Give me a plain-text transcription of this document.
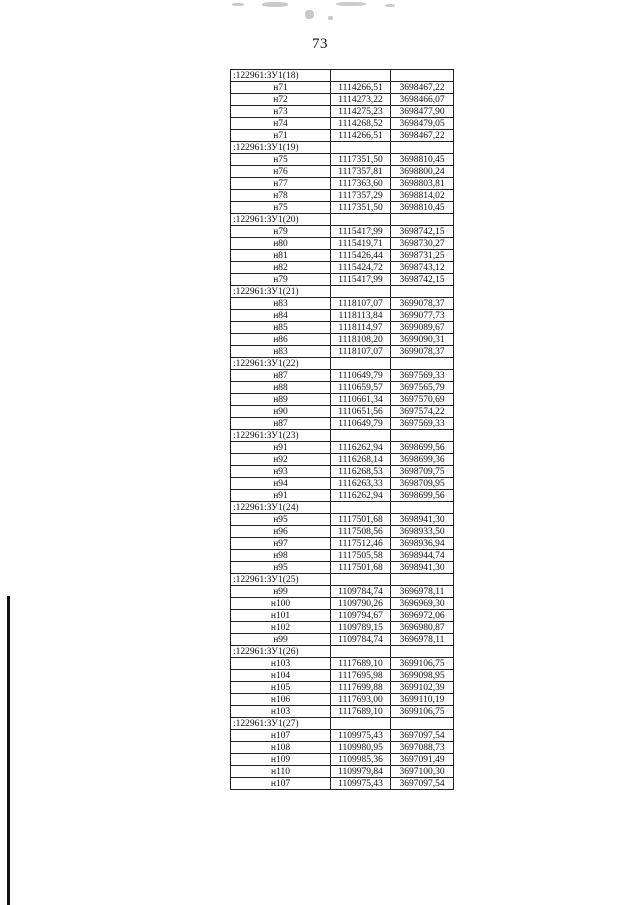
73
:122961:ЗУ1(18)		
н71	1114266,51	3698467,22
н72	1114273,22	3698466,07
н73	1114275,23	3698477,90
н74	1114268,52	3698479,05
н71	1114266,51	3698467,22
:122961:ЗУ1(19)		
н75	1117351,50	3698810,45
н76	1117357,81	3698800,24
н77	1117363,60	3698803,81
н78	1117357,29	3698814,02
н75	1117351,50	3698810,45
:122961:ЗУ1(20)		
н79	1115417,99	3698742,15
н80	1115419,71	3698730,27
н81	1115426,44	3698731,25
н82	1115424,72	3698743,12
н79	1115417,99	3698742,15
:122961:ЗУ1(21)		
н83	1118107,07	3699078,37
н84	1118113,84	3699077,73
н85	1118114,97	3699089,67
н86	1118108,20	3699090,31
н83	1118107,07	3699078,37
:122961:ЗУ1(22)		
н87	1110649,79	3697569,33
н88	1110659,57	3697565,79
н89	1110661,34	3697570,69
н90	1110651,56	3697574,22
н87	1110649,79	3697569,33
:122961:ЗУ1(23)		
н91	1116262,94	3698699,56
н92	1116268,14	3698699,36
н93	1116268,53	3698709,75
н94	1116263,33	3698709,95
н91	1116262,94	3698699,56
:122961:ЗУ1(24)		
н95	1117501,68	3698941,30
н96	1117508,56	3698933,50
н97	1117512,46	3698936,94
н98	1117505,58	3698944,74
н95	1117501,68	3698941,30
:122961:ЗУ1(25)		
н99	1109784,74	3696978,11
н100	1109790,26	3696969,30
н101	1109794,67	3696972,06
н102	1109789,15	3696980,87
н99	1109784,74	3696978,11
:122961:ЗУ1(26)		
н103	1117689,10	3699106,75
н104	1117695,98	3699098,95
н105	1117699,88	3699102,39
н106	1117693,00	3699110,19
н103	1117689,10	3699106,75
:122961:ЗУ1(27)		
н107	1109975,43	3697097,54
н108	1109980,95	3697088,73
н109	1109985,36	3697091,49
н110	1109979,84	3697100,30
н107	1109975,43	3697097,54
